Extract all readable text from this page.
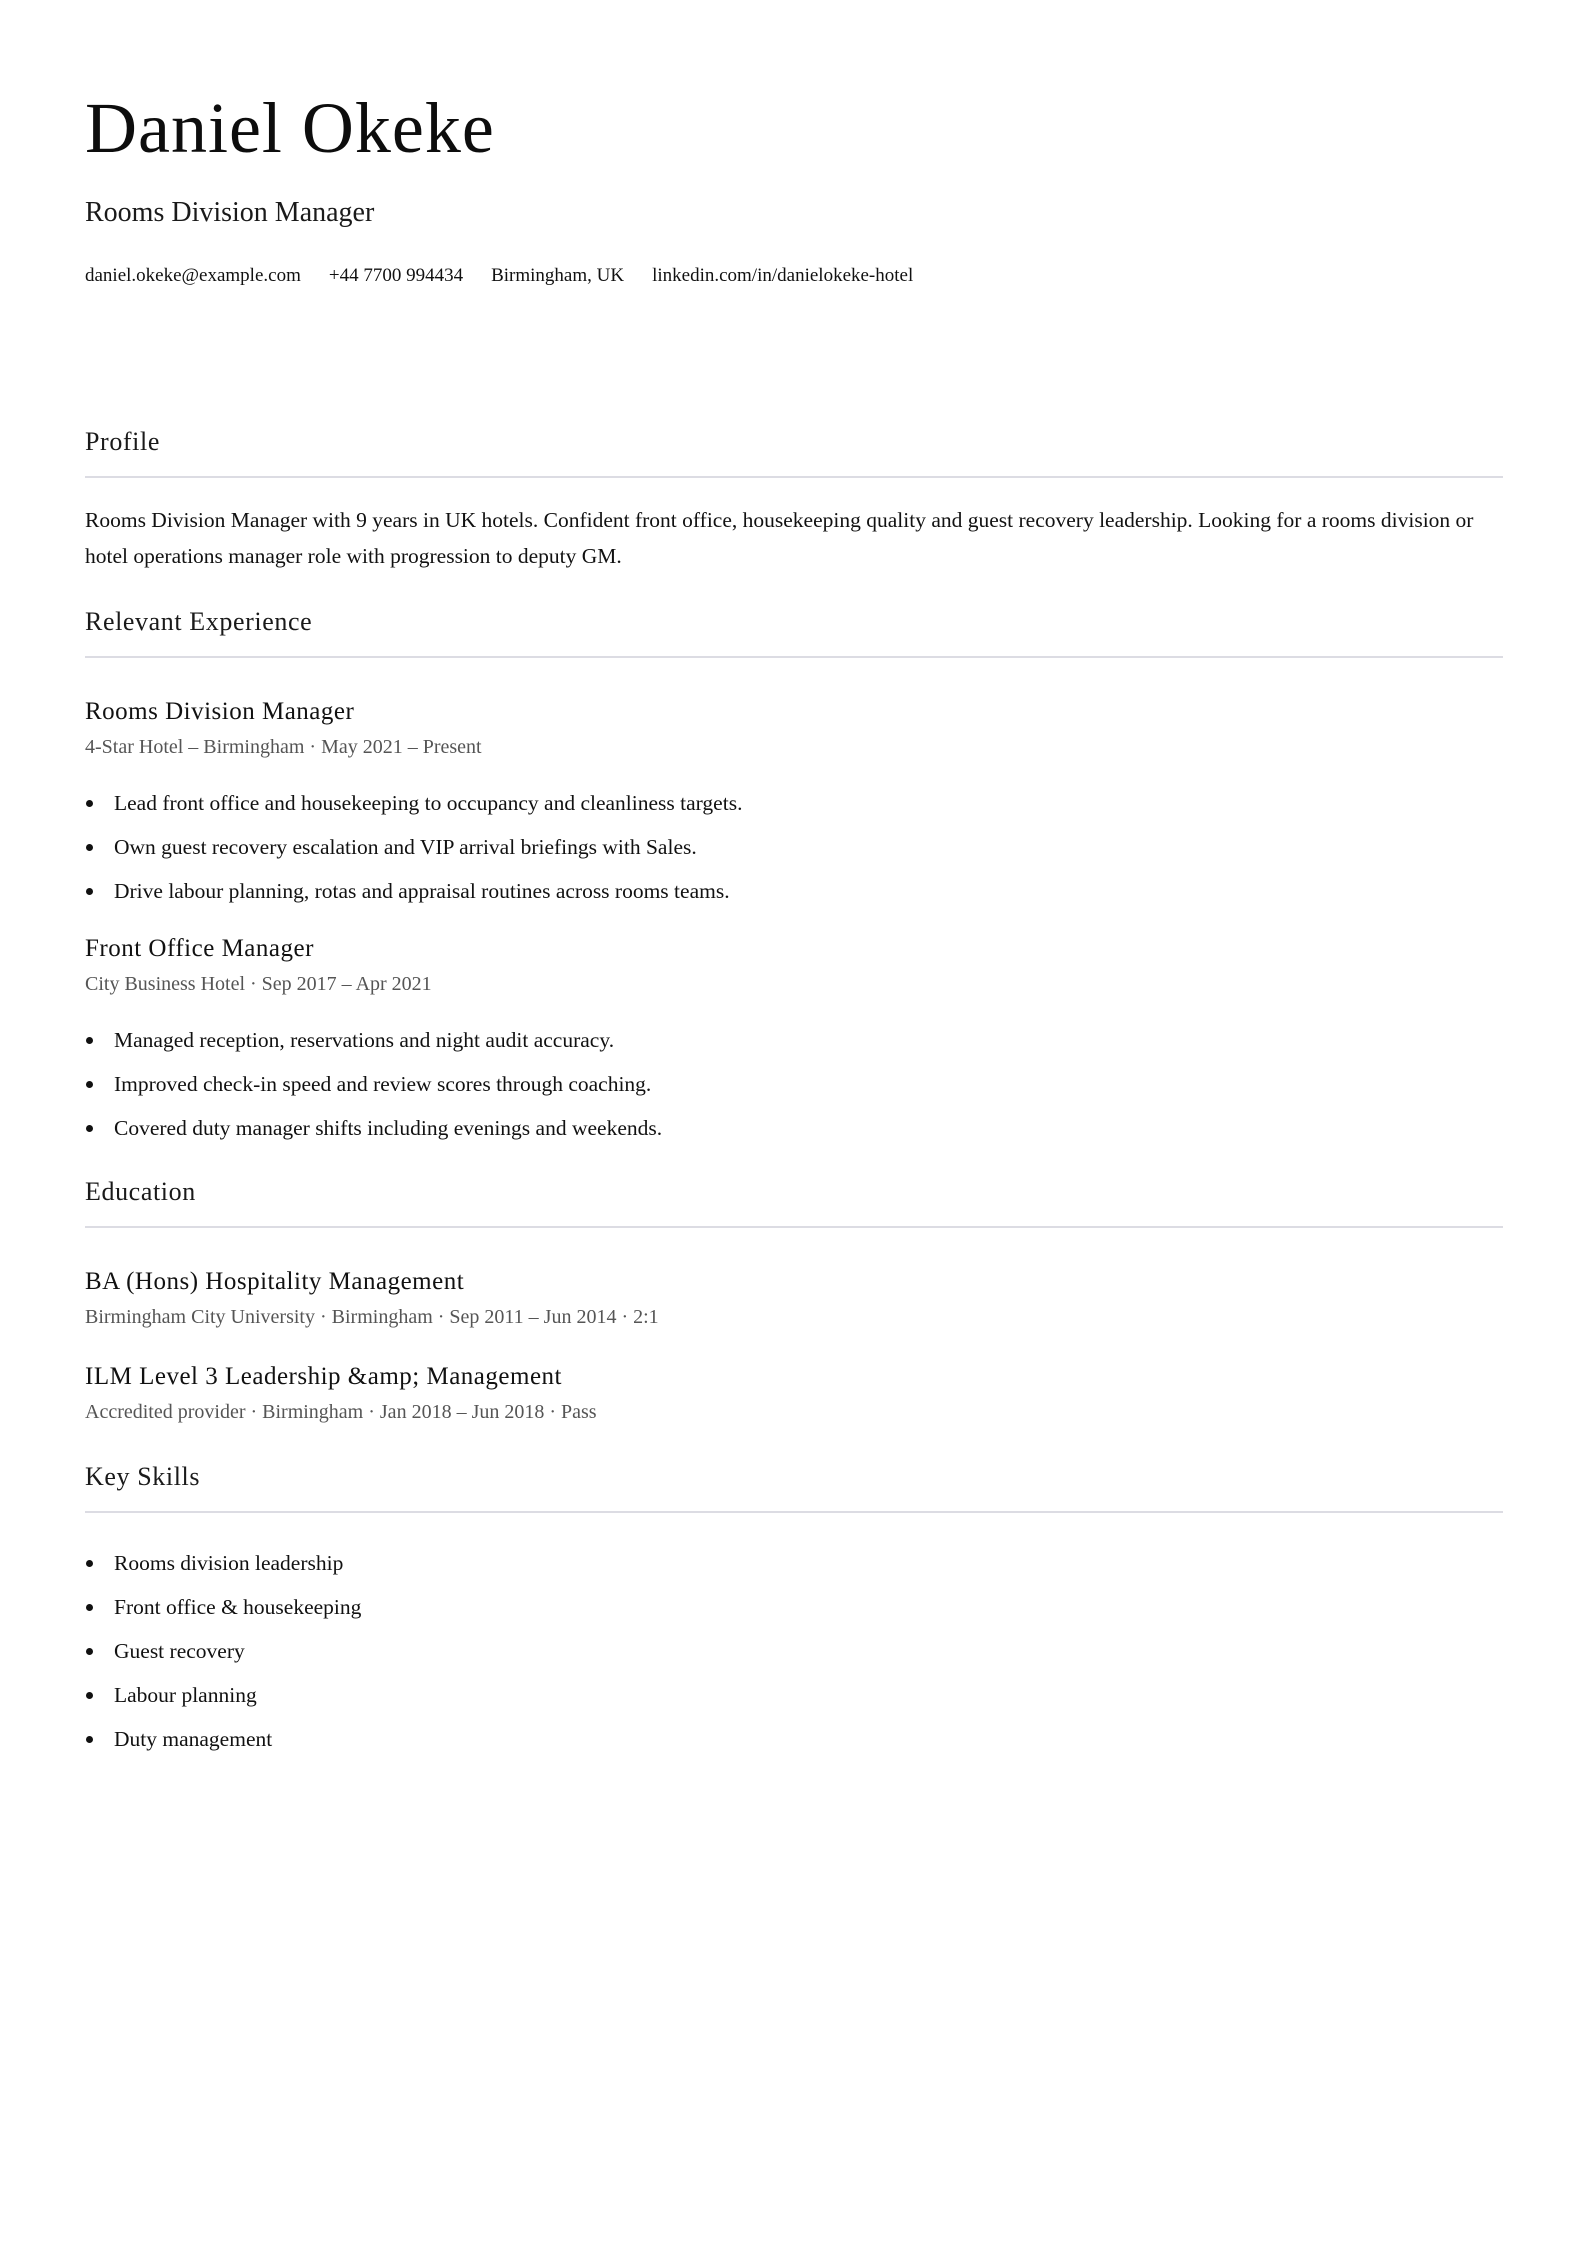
Daniel Okeke
Rooms Division Manager
daniel.okeke@example.com +44 7700 994434 Birmingham, UK linkedin.com/in/danielokeke-hotel
Profile
Rooms Division Manager with 9 years in UK hotels. Confident front office, housekeeping quality and guest recovery leadership. Looking for a rooms division or hotel operations manager role with progression to deputy GM.
Relevant Experience
Rooms Division Manager
4-Star Hotel – Birmingham · May 2021 – Present
Lead front office and housekeeping to occupancy and cleanliness targets.
Own guest recovery escalation and VIP arrival briefings with Sales.
Drive labour planning, rotas and appraisal routines across rooms teams.
Front Office Manager
City Business Hotel · Sep 2017 – Apr 2021
Managed reception, reservations and night audit accuracy.
Improved check-in speed and review scores through coaching.
Covered duty manager shifts including evenings and weekends.
Education
BA (Hons) Hospitality Management
Birmingham City University · Birmingham · Sep 2011 – Jun 2014 · 2:1
ILM Level 3 Leadership &amp; Management
Accredited provider · Birmingham · Jan 2018 – Jun 2018 · Pass
Key Skills
Rooms division leadership
Front office & housekeeping
Guest recovery
Labour planning
Duty management
